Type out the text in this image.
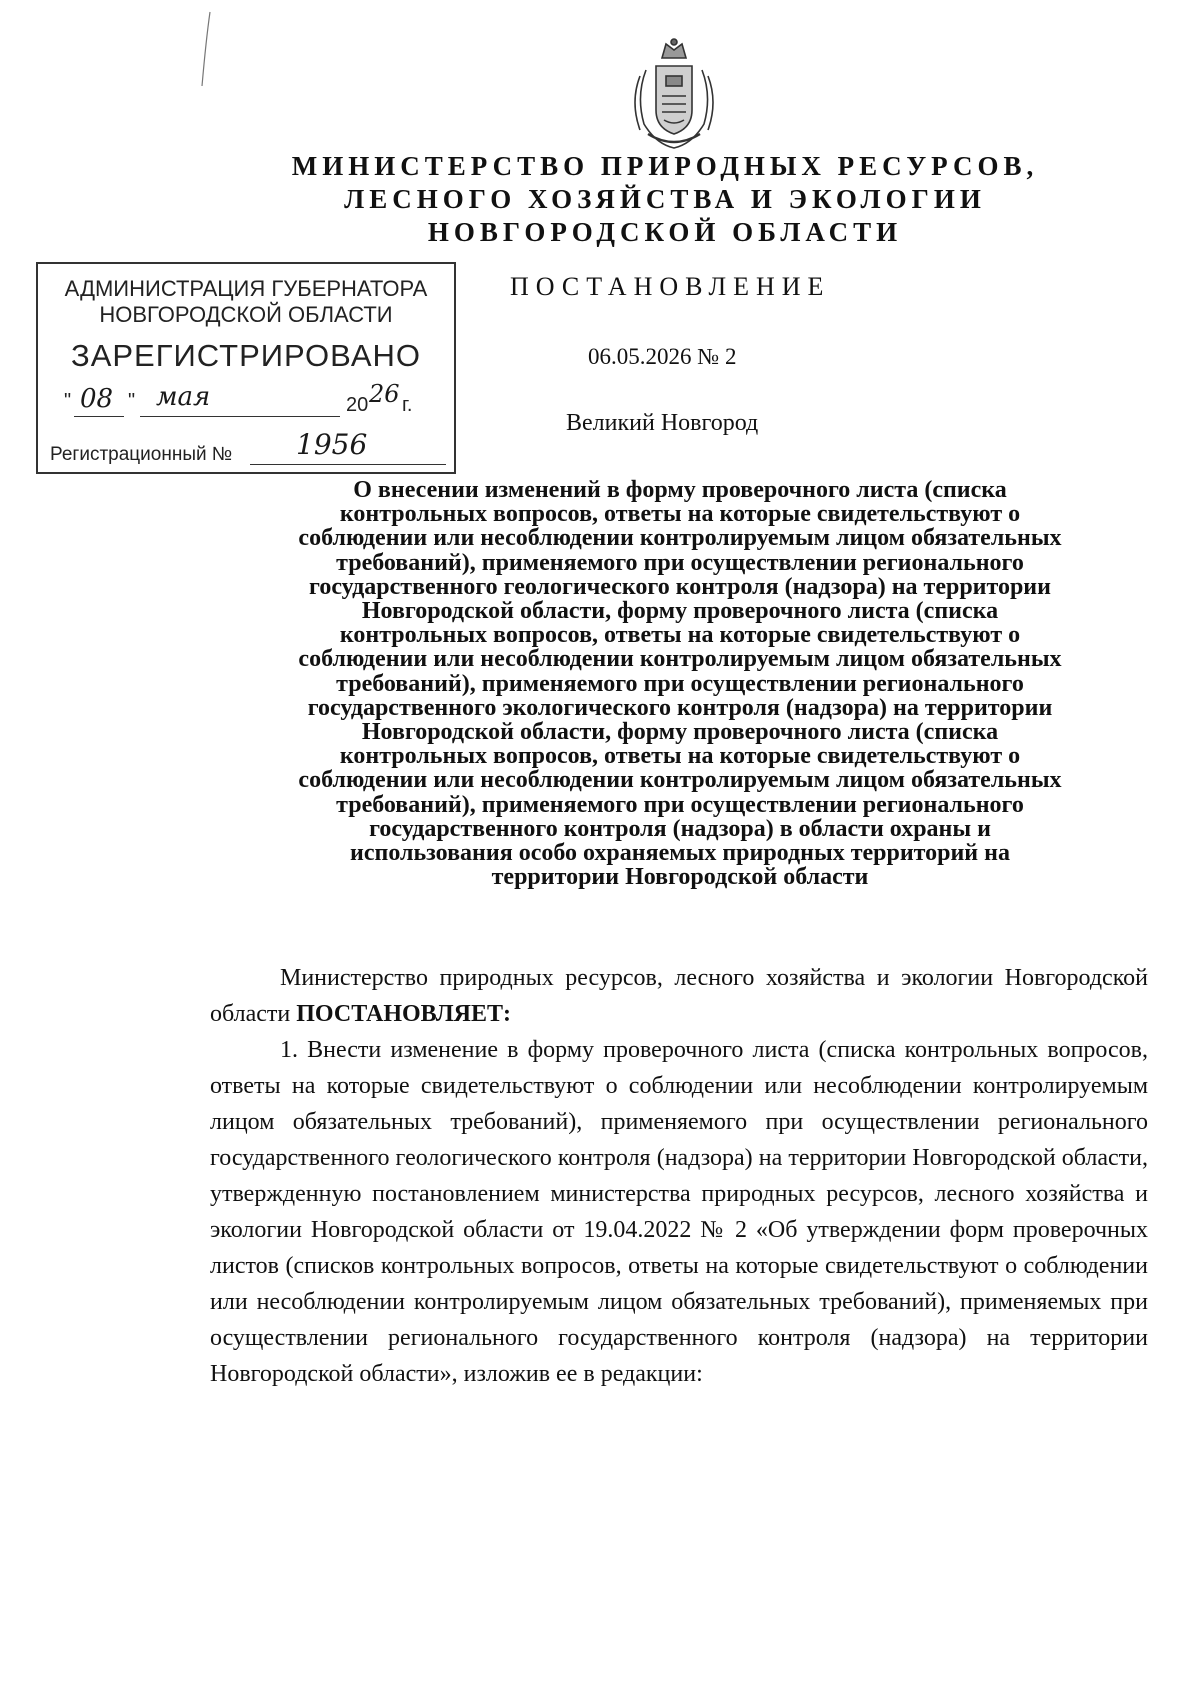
МИНИСТЕРСТВО ПРИРОДНЫХ РЕСУРСОВ,
ЛЕСНОГО ХОЗЯЙСТВА И ЭКОЛОГИИ
НОВГОРОДСКОЙ ОБЛАСТИ
АДМИНИСТРАЦИЯ ГУБЕРНАТОРА
НОВГОРОДСКОЙ ОБЛАСТИ
ЗАРЕГИСТРИРОВАНО
" 08 " мая	20 26 г.
Регистрационный № 1956
ПОСТАНОВЛЕНИЕ
06.05.2026 № 2
Великий Новгород
О внесении изменений в форму проверочного листа (списка
контрольных вопросов, ответы на которые свидетельствуют о
соблюдении или несоблюдении контролируемым лицом обязательных
требований), применяемого при осуществлении регионального
государственного геологического контроля (надзора) на территории
Новгородской области, форму проверочного листа (списка
контрольных вопросов, ответы на которые свидетельствуют о
соблюдении или несоблюдении контролируемым лицом обязательных
требований), применяемого при осуществлении регионального
государственного экологического контроля (надзора) на территории
Новгородской области, форму проверочного листа (списка
контрольных вопросов, ответы на которые свидетельствуют о
соблюдении или несоблюдении контролируемым лицом обязательных
требований), применяемого при осуществлении регионального
государственного контроля (надзора) в области охраны и
использования особо охраняемых природных территорий на
территории Новгородской области

Министерство природных ресурсов, лесного хозяйства и экологии Новгородской области ПОСТАНОВЛЯЕТ:

1. Внести изменение в форму проверочного листа (списка контрольных вопросов, ответы на которые свидетельствуют о соблюдении или несоблюдении контролируемым лицом обязательных требований), применяемого при осуществлении регионального государственного геологического контроля (надзора) на территории Новгородской области, утвержденную постановлением министерства природных ресурсов, лесного хозяйства и экологии Новгородской области от 19.04.2022 № 2 «Об утверждении форм проверочных листов (списков контрольных вопросов, ответы на которые свидетельствуют о соблюдении или несоблюдении контролируемым лицом обязательных требований), применяемых при осуществлении регионального государственного контроля (надзора) на территории Новгородской области», изложив ее в редакции:
